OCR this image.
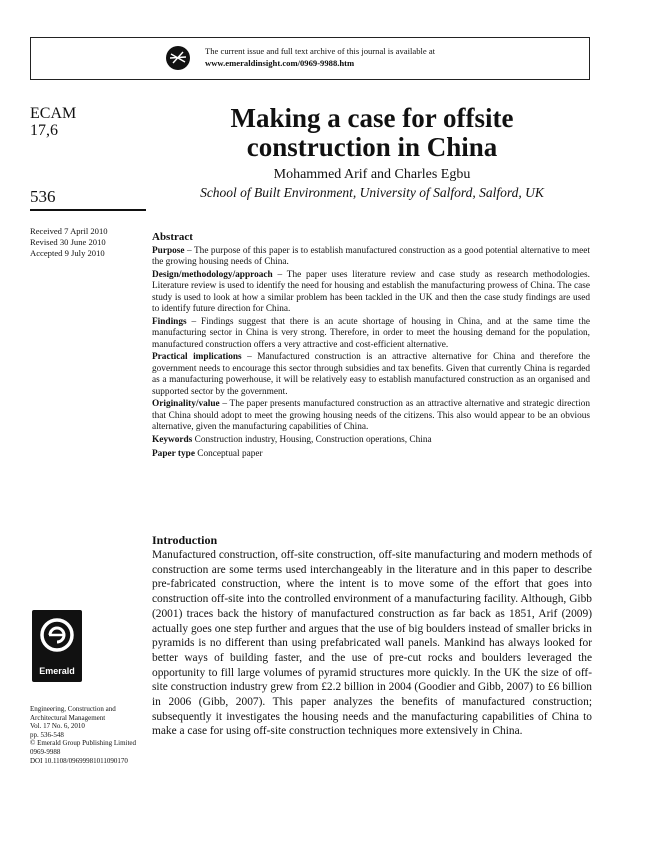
The current issue and full text archive of this journal is available at
www.emeraldinsight.com/0969-9988.htm
ECAM
17,6
536
Making a case for offsite
construction in China
Mohammed Arif and Charles Egbu
School of Built Environment, University of Salford, Salford, UK
Received 7 April 2010
Revised 30 June 2010
Accepted 9 July 2010
Abstract

Purpose – The purpose of this paper is to establish manufactured construction as a good potential alternative to meet the growing housing needs of China.

Design/methodology/approach – The paper uses literature review and case study as research methodologies. Literature review is used to identify the need for housing and establish the manufacturing prowess of China. The case study is used to look at how a similar problem has been tackled in the UK and then the case study findings are used to identify future direction for China.

Findings – Findings suggest that there is an acute shortage of housing in China, and at the same time the manufacturing sector in China is very strong. Therefore, in order to meet the housing demand for the population, manufactured construction offers a very attractive and cost-efficient alternative.

Practical implications – Manufactured construction is an attractive alternative for China and therefore the government needs to encourage this sector through subsidies and tax benefits. Given that currently China is regarded as a manufacturing powerhouse, it will be relatively easy to establish manufactured construction as an organised and supported sector by the government.

Originality/value – The paper presents manufactured construction as an attractive alternative and strategic direction that China should adopt to meet the growing housing needs of the citizens. This also would appear to be an obvious alternative, given the manufacturing capabilities of China.

Keywords Construction industry, Housing, Construction operations, China

Paper type Conceptual paper

Introduction

Manufactured construction, off-site construction, off-site manufacturing and modern methods of construction are some terms used interchangeably in the literature and in this paper to describe pre-fabricated construction, where the intent is to move some of the effort that goes into construction off-site into the controlled environment of a manufacturing facility. Although, Gibb (2001) traces back the history of manufactured construction as far back as 1851, Arif (2009) actually goes one step further and argues that the use of big boulders instead of smaller bricks in pyramids is no different than using prefabricated wall panels. Mankind has always looked for better ways of building faster, and the use of pre-cut rocks and boulders leveraged the opportunity to fill large volumes of pyramid structures more quickly. In the UK the size of off-site construction industry grew from £2.2 billion in 2004 (Goodier and Gibb, 2007) to £6 billion in 2006 (Gibb, 2007). This paper analyzes the benefits of manufactured construction; subsequently it investigates the housing needs and the manufacturing capabilities of China to make a case for using off-site construction techniques more extensively in China.

Emerald
Engineering, Construction and
Architectural Management
Vol. 17 No. 6, 2010
pp. 536-548
© Emerald Group Publishing Limited
0969-9988
DOI 10.1108/09699981011090170
